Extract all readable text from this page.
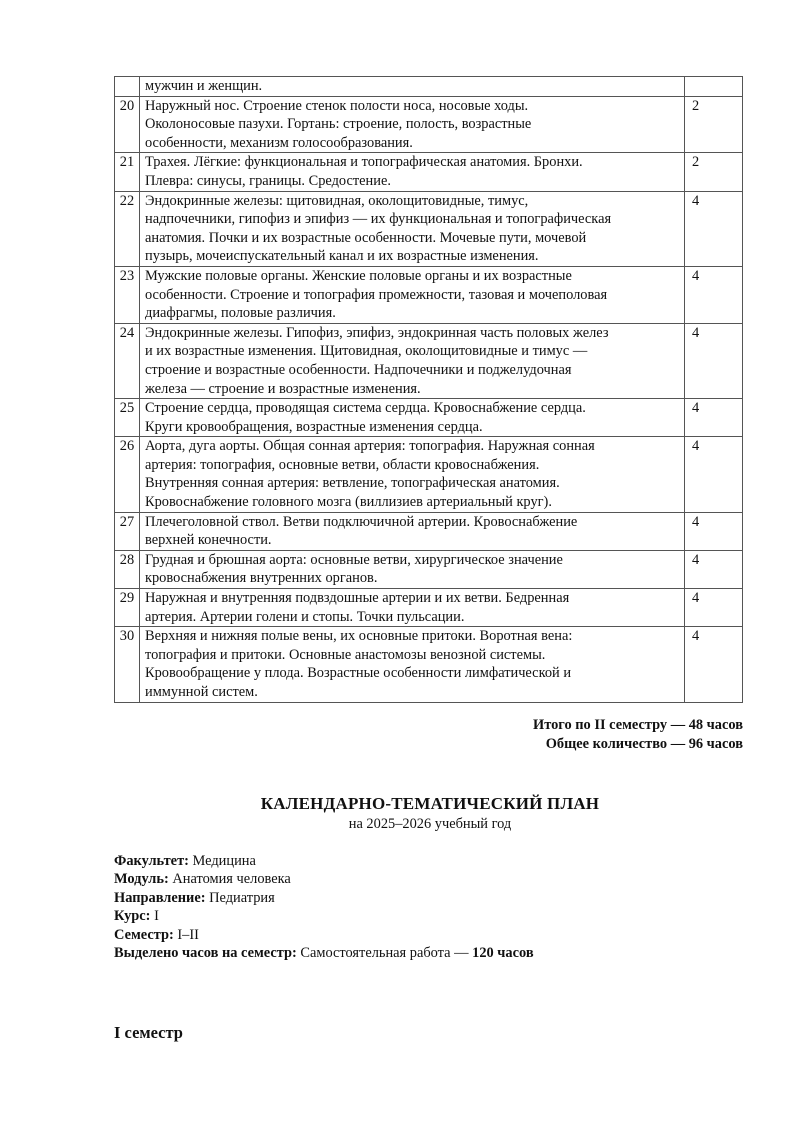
	мужчин и женщин.	

20	Наружный нос. Строение стенок полости носа, носовые ходы.
Околоносовые пазухи. Гортань: строение, полость, возрастные
особенности, механизм голосообразования.	2
21	Трахея. Лёгкие: функциональная и топографическая анатомия. Бронхи.
Плевра: синусы, границы. Средостение.	2
22	Эндокринные железы: щитовидная, околощитовидные, тимус,
надпочечники, гипофиз и эпифиз — их функциональная и топографическая
анатомия. Почки и их возрастные особенности. Мочевые пути, мочевой
пузырь, мочеиспускательный канал и их возрастные изменения.	4
23	Мужские половые органы. Женские половые органы и их возрастные
особенности. Строение и топография промежности, тазовая и мочеполовая
диафрагмы, половые различия.	4
24	Эндокринные железы. Гипофиз, эпифиз, эндокринная часть половых желез
и их возрастные изменения. Щитовидная, околощитовидные и тимус —
строение и возрастные особенности. Надпочечники и поджелудочная
железа — строение и возрастные изменения.	4
25	Строение сердца, проводящая система сердца. Кровоснабжение сердца.
Круги кровообращения, возрастные изменения сердца.	4
26	Аорта, дуга аорты. Общая сонная артерия: топография. Наружная сонная
артерия: топография, основные ветви, области кровоснабжения.
Внутренняя сонная артерия: ветвление, топографическая анатомия.
Кровоснабжение головного мозга (виллизиев артериальный круг).	4
27	Плечеголовной ствол. Ветви подключичной артерии. Кровоснабжение
верхней конечности.	4
28	Грудная и брюшная аорта: основные ветви, хирургическое значение
кровоснабжения внутренних органов.	4
29	Наружная и внутренняя подвздошные артерии и их ветви. Бедренная
артерия. Артерии голени и стопы. Точки пульсации.	4
30	Верхняя и нижняя полые вены, их основные притоки. Воротная вена:
топография и притоки. Основные анастомозы венозной системы.
Кровообращение у плода. Возрастные особенности лимфатической и
иммунной систем.	4
Итого по II семестру — 48 часов
Общее количество — 96 часов
КАЛЕНДАРНО-ТЕМАТИЧЕСКИЙ ПЛАН
на 2025–2026 учебный год
Факультет: Медицина
Модуль: Анатомия человека
Направление: Педиатрия
Курс: I
Семестр: I–II
Выделено часов на семестр: Самостоятельная работа — 120 часов
I семестр
